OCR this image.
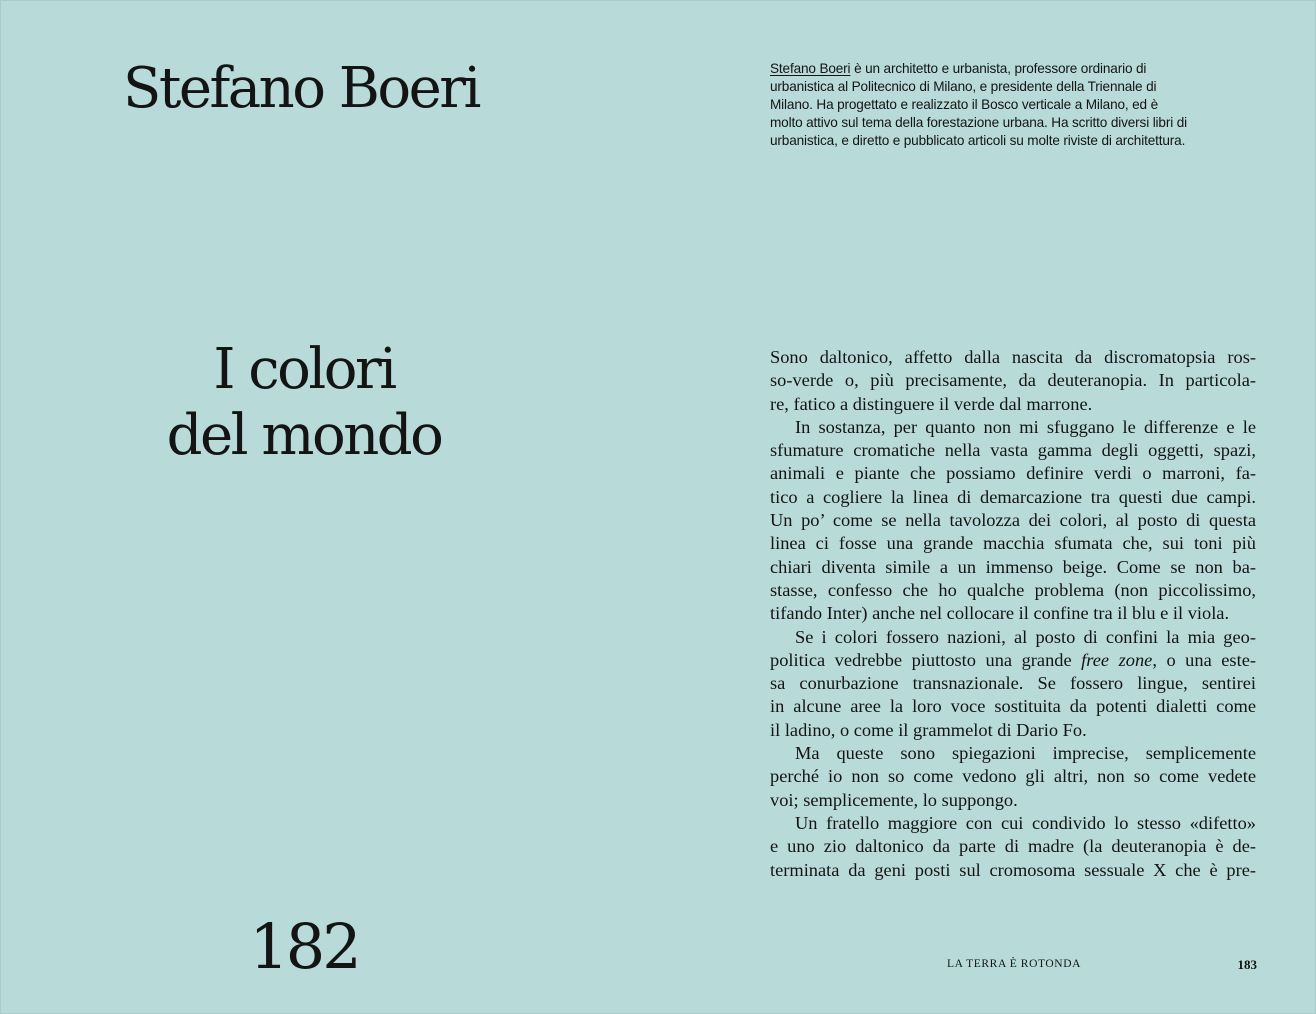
Stefano Boeri
I colori
del mondo
182

Stefano Boeri è un architetto e urbanista, professore ordinario di
urbanistica al Politecnico di Milano, e presidente della Triennale di
Milano. Ha progettato e realizzato il Bosco verticale a Milano, ed è
molto attivo sul tema della forestazione urbana. Ha scritto diversi libri di
urbanistica, e diretto e pubblicato articoli su molte riviste di architettura.

Sono daltonico, affetto dalla nascita da discromatopsia ros-
so-verde o, più precisamente, da deuteranopia. In particola-
re, fatico a distinguere il verde dal marrone.
In sostanza, per quanto non mi sfuggano le differenze e le
sfumature cromatiche nella vasta gamma degli oggetti, spazi,
animali e piante che possiamo definire verdi o marroni, fa-
tico a cogliere la linea di demarcazione tra questi due campi.
Un po’ come se nella tavolozza dei colori, al posto di questa
linea ci fosse una grande macchia sfumata che, sui toni più
chiari diventa simile a un immenso beige. Come se non ba-
stasse, confesso che ho qualche problema (non piccolissimo,
tifando Inter) anche nel collocare il confine tra il blu e il viola.
Se i colori fossero nazioni, al posto di confini la mia geo-
politica vedrebbe piuttosto una grande free zone, o una este-
sa conurbazione transnazionale. Se fossero lingue, sentirei
in alcune aree la loro voce sostituita da potenti dialetti come
il ladino, o come il grammelot di Dario Fo.
Ma queste sono spiegazioni imprecise, semplicemente
perché io non so come vedono gli altri, non so come vedete
voi; semplicemente, lo suppongo.
Un fratello maggiore con cui condivido lo stesso «difetto»
e uno zio daltonico da parte di madre (la deuteranopia è de-
terminata da geni posti sul cromosoma sessuale X che è pre-
LA TERRA È ROTONDA	183
